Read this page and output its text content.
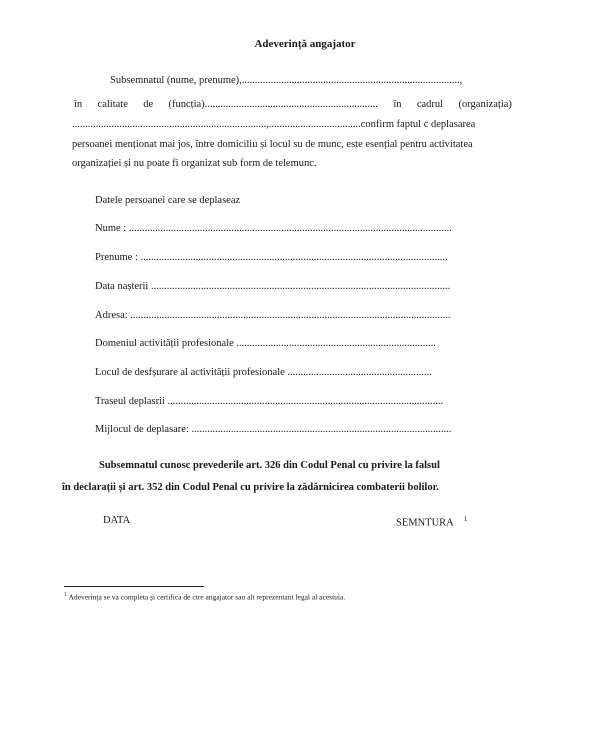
Adeverință angajator
Subsemnatul (nume, prenume),...................................................................................,
în calitate de (funcția).................................................................. în cadrul (organizația)
..........................................................................,...................................confirm faptul c deplasarea
persoanei menționat mai jos, între domiciliu și locul su de munc, este esențial pentru activitatea
organizației și nu poate fi organizat sub form de telemunc.
Datele persoanei care se deplaseaz
Nume : ...........................................................................................................................
Prenume : .....................................................................................................................
Data nașterii ..................................................................................................................
Adresa: ..........................................................................................................................
Domeniul activității profesionale ............................................................................
Locul de desfșurare al activității profesionale .......................................................
Traseul deplasrii .........................................................................................................
Mijlocul de deplasare: ...................................................................................................
Subsemnatul cunosc prevederile art. 326 din Codul Penal cu privire la falsul
în declarații și art. 352 din Codul Penal cu privire la zădărnicirea combaterii bolilor.
DATA	SEMNTURA $^1$
$^1$ Adeverința se va completa și certifica de ctre angajator sau alt reprezentant legal al acestuia.
